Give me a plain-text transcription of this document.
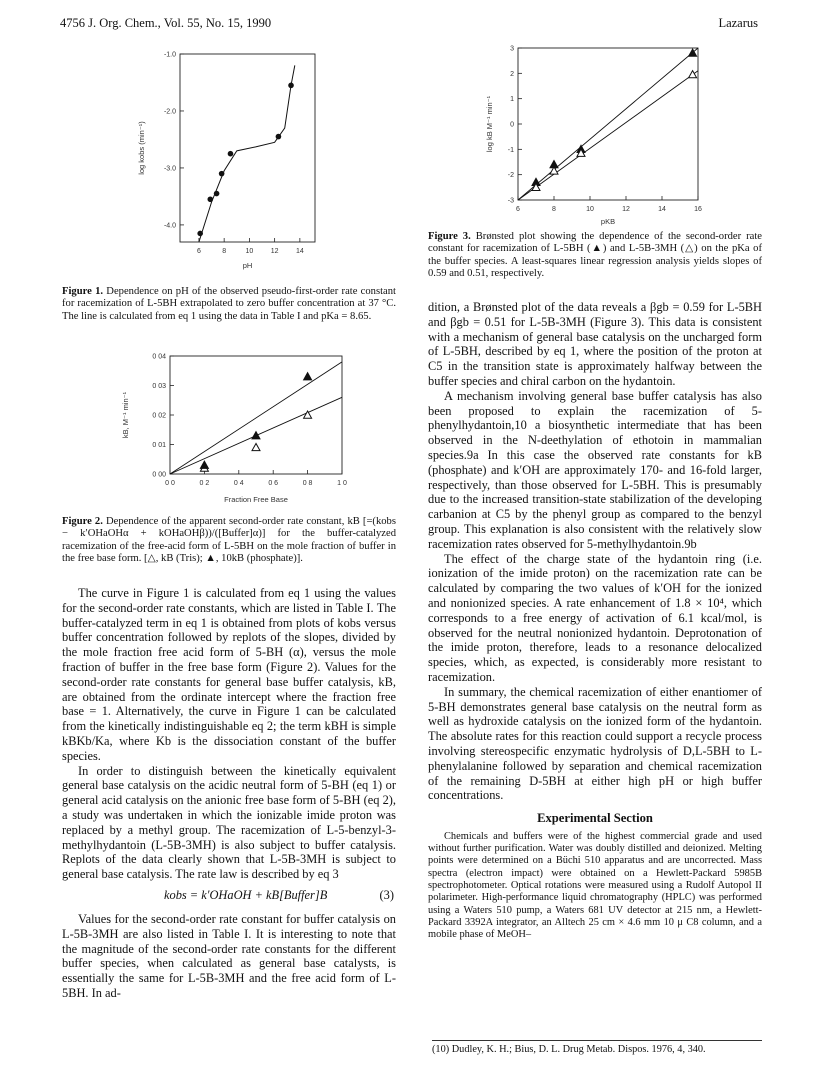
4756 J. Org. Chem., Vol. 55, No. 15, 1990	Lazarus
6	8	10 12 14
-1.0
-2.0
-3.0
-4.0
pH
log kobs (min⁻¹)

Figure 1. Dependence on pH of the observed pseudo-first-order rate constant for racemization of L-5BH extrapolated to zero buffer concentration at 37 °C. The line is calculated from eq 1 using the data in Table I and pKa = 8.65.

0 0	0 2	0 4	0 6	0 8	1 0
0 00
0 01
0 02
0 03
0 04
Fraction Free Base
kB, M⁻¹ min⁻¹

Figure 2. Dependence of the apparent second-order rate constant, kB [=(kobs − k′OHaOHα + kOHaOHβ))/([Buffer]α)] for the buffer-catalyzed racemization of the free-acid form of L-5BH on the mole fraction of buffer in the free base form. [△, kB (Tris); ▲, 10kB (phosphate)].

The curve in Figure 1 is calculated from eq 1 using the values for the second-order rate constants, which are listed in Table I. The buffer-catalyzed term in eq 1 is obtained from plots of kobs versus buffer concentration followed by replots of the slopes, divided by the mole fraction free acid form of 5-BH (α), versus the mole fraction of buffer in the free base form (Figure 2). Values for the second-order rate constants for general base buffer catalysis, kB, are obtained from the ordinate intercept where the fraction free base = 1. Alternatively, the curve in Figure 1 can be calculated from the kinetically indistinguishable eq 2; the term kBH is simple kBKb/Ka, where Kb is the dissociation constant of the buffer species.

In order to distinguish between the kinetically equivalent general base catalysis on the acidic neutral form of 5-BH (eq 1) or general acid catalysis on the anionic free base form of 5-BH (eq 2), a study was undertaken in which the ionizable imide proton was replaced by a methyl group. The racemization of L-5-benzyl-3-methylhydantoin (L-5B-3MH) is also subject to buffer catalysis. Replots of the data clearly shown that L-5B-3MH is subject to general base catalysis. The rate law is described by eq 3

kobs = k′OHaOH + kB[Buffer]B	(3)

Values for the second-order rate constant for buffer catalysis on L-5B-3MH are also listed in Table I. It is interesting to note that the magnitude of the second-order rate constants for the different buffer species, when calculated as general base catalysts, is essentially the same for L-5B-3MH and the free acid form of L-5BH. In ad-

6	8	10	12	14	16
3
2
1
0
-1
-2
-3
pKB
log kB M⁻¹ min⁻¹

Figure 3. Brønsted plot showing the dependence of the second-order rate constant for racemization of L-5BH (▲) and L-5B-3MH (△) on the pKa of the buffer species. A least-squares linear regression analysis yields slopes of 0.59 and 0.51, respectively.

dition, a Brønsted plot of the data reveals a βgb = 0.59 for L-5BH and βgb = 0.51 for L-5B-3MH (Figure 3). This data is consistent with a mechanism of general base catalysis on the uncharged form of L-5BH, described by eq 1, where the position of the proton at C5 in the transition state is approximately halfway between the buffer species and chiral carbon on the hydantoin.

A mechanism involving general base buffer catalysis has also been proposed to explain the racemization of 5-phenylhydantoin,10 a biosynthetic intermediate that has been observed in the N-deethylation of ethotoin in mammalian species.9a In this case the observed rate constants for kB (phosphate) and k′OH are approximately 170- and 16-fold larger, respectively, than those observed for L-5BH. This is presumably due to the increased transition-state stabilization of the developing carbanion at C5 by the phenyl group as compared to the benzyl group. This explanation is also consistent with the relatively slow racemization rates observed for 5-methylhydantoin.9b

The effect of the charge state of the hydantoin ring (i.e. ionization of the imide proton) on the racemization rate can be calculated by comparing the two values of k′OH for the ionized and nonionized species. A rate enhancement of 1.8 × 10⁴, which corresponds to a free energy of activation of 6.1 kcal/mol, is observed for the neutral nonionized hydantoin. Deprotonation of the imide proton, therefore, leads to a resonance delocalized species, which, as expected, is considerably more resistant to racemization.

In summary, the chemical racemization of either enantiomer of 5-BH demonstrates general base catalysis on the neutral form as well as hydroxide catalysis on the ionized form of the hydantoin. The absolute rates for this reaction could support a recycle process involving stereospecific enzymatic hydrolysis of D,L-5BH to L-phenylalanine followed by separation and chemical racemization of the remaining D-5BH at either high pH or high buffer concentrations.

Experimental Section

Chemicals and buffers were of the highest commercial grade and used without further purification. Water was doubly distilled and deionized. Melting points were determined on a Büchi 510 apparatus and are uncorrected. Mass spectra (electron impact) were obtained on a Hewlett-Packard 5985B spectrophotometer. Optical rotations were measured using a Rudolf Autopol II polarimeter. High-performance liquid chromatography (HPLC) was performed using a Waters 510 pump, a Waters 681 UV detector at 215 nm, a Hewlett-Packard 3392A integrator, an Alltech 25 cm × 4.6 mm 10 μ C8 column, and a mobile phase of MeOH–

(10) Dudley, K. H.; Bius, D. L. Drug Metab. Dispos. 1976, 4, 340.
